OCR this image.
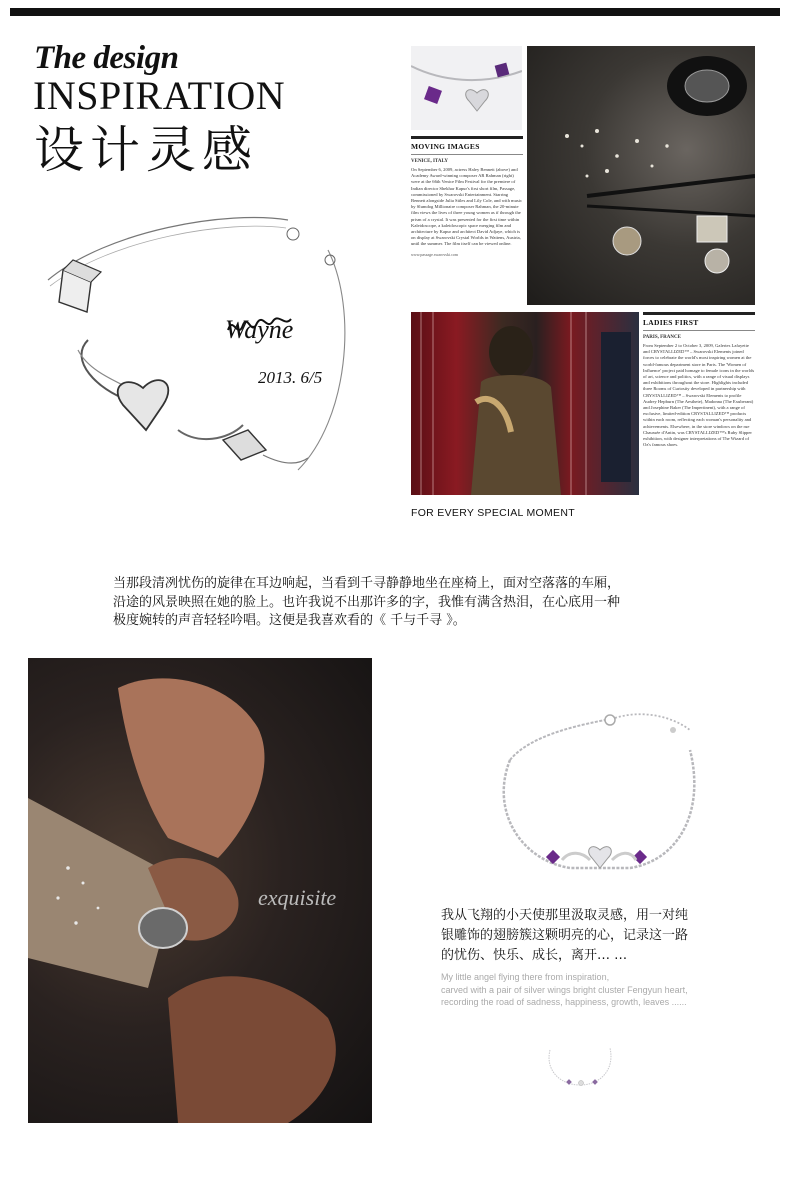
The design
INSPIRATION
设计灵感
Wayne
2013. 6/5
MOVING IMAGES
VENICE, ITALY
On September 6, 2009, actress Haley Bennett (above) and Academy Award-winning composer AR Rahman (right) were at the 66th Venice Film Festival for the premiere of Indian director Shekhar Kapur's first short film, Passage, commissioned by Swarovski Entertainment. Starring Bennett alongside Julia Stiles and Lily Cole, and with music by Slumdog Millionaire composer Rahman, the 20-minute film views the lives of three young women as if through the prism of a crystal. It was presented for the first time within Kaleidoscope, a kaleidoscopic space merging film and architecture by Kapur and architect David Adjaye, which is on display at Swarovski Crystal Worlds in Wattens, Austria, until the summer. The film itself can be viewed online.
www.passage.swarovski.com
LADIES FIRST
PARIS, FRANCE
From September 2 to October 3, 2009, Galeries Lafayette and CRYSTALLIZED™ – Swarovski Elements joined forces to celebrate the world's most inspiring women at the world-famous department store in Paris. The 'Women of Influence' project paid homage to female icons in the worlds of art, science and politics, with a range of visual displays and exhibitions throughout the store. Highlights included three Rooms of Curiosity developed in partnership with CRYSTALLIZED™ – Swarovski Elements to profile Audrey Hepburn (The Aesthete), Madonna (The Exuberant) and Josephine Baker (The Impertinent), with a range of exclusive, limited-edition CRYSTALLIZED™ products within each room, reflecting each woman's personality and achievements. Elsewhere, in the store windows on the rue Chaussée d'Antin, was CRYSTALLIZED™'s Ruby Slipper exhibition, with designer interpretations of The Wizard of Oz's famous shoes.
FOR EVERY SPECIAL MOMENT
当那段清冽忧伤的旋律在耳边响起，当看到千寻静静地坐在座椅上，面对空落落的车厢，
沿途的风景映照在她的脸上。也许我说不出那许多的字，我惟有满含热泪，在心底用一种
极度婉转的声音轻轻吟唱。这便是我喜欢看的《 千与千寻 》。
exquisite
我从飞翔的小天使那里汲取灵感，用一对纯
银雕饰的翅膀簇这颗明亮的心，记录这一路
的忧伤、快乐、成长，离开… …
My little angel flying there from inspiration,
carved with a pair of silver wings bright cluster Fengyun heart,
recording the road of sadness, happiness, growth, leaves ......
